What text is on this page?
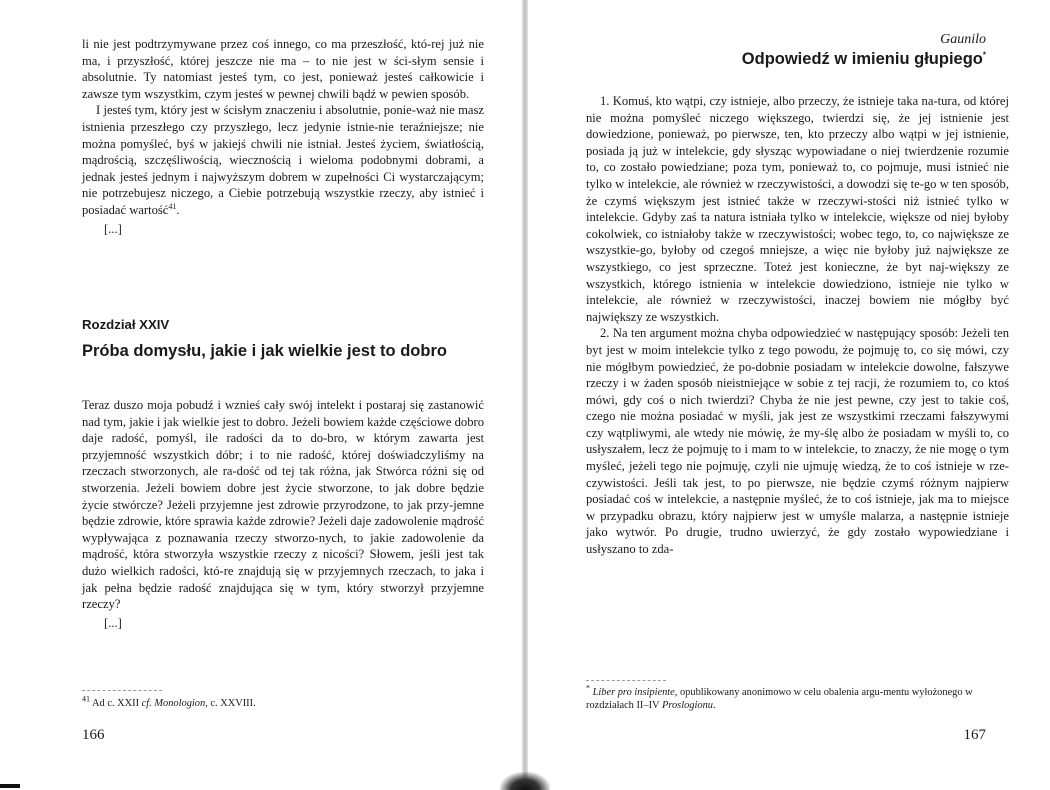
li nie jest podtrzymywane przez coś innego, co ma przeszłość, któ-rej już nie ma, i przyszłość, której jeszcze nie ma – to nie jest w ści-słym sensie i absolutnie. Ty natomiast jesteś tym, co jest, ponieważ jesteś całkowicie i zawsze tym wszystkim, czym jesteś w pewnej chwili bądź w pewien sposób.

I jesteś tym, który jest w ścisłym znaczeniu i absolutnie, ponie-waż nie masz istnienia przeszłego czy przyszłego, lecz jedynie istnie-nie teraźniejsze; nie można pomyśleć, byś w jakiejś chwili nie istniał. Jesteś życiem, światłością, mądrością, szczęśliwością, wiecznością i wieloma podobnymi dobrami, a jednak jesteś jednym i najwyższym dobrem w zupełności Ci wystarczającym; nie potrzebujesz niczego, a Ciebie potrzebują wszystkie rzeczy, aby istnieć i posiadać wartość$^{41}$.

[...]
Rozdział XXIV
Próba domysłu, jakie i jak wielkie jest to dobro

Teraz duszo moja pobudź i wznieś cały swój intelekt i postaraj się zastanowić nad tym, jakie i jak wielkie jest to dobro. Jeżeli bowiem każde częściowe dobro daje radość, pomyśl, ile radości da to do-bro, w którym zawarta jest przyjemność wszystkich dóbr; i to nie radość, której doświadczyliśmy na rzeczach stworzonych, ale ra-dość od tej tak różna, jak Stwórca różni się od stworzenia. Jeżeli bowiem dobre jest życie stworzone, to jak dobre będzie życie stwórcze? Jeżeli przyjemne jest zdrowie przyrodzone, to jak przy-jemne będzie zdrowie, które sprawia każde zdrowie? Jeżeli daje zadowolenie mądrość wypływająca z poznawania rzeczy stworzo-nych, to jakie zadowolenie da mądrość, która stworzyła wszystkie rzeczy z nicości? Słowem, jeśli jest tak dużo wielkich radości, któ-re znajdują się w przyjemnych rzeczach, to jaka i jak pełna będzie radość znajdująca się w tym, który stworzył przyjemne rzeczy?

[...]
$^{41}$ Ad c. XXII cf. Monologion, c. XXVIII.
166
Gaunilo
Odpowiedź w imieniu głupiego*

1. Komuś, kto wątpi, czy istnieje, albo przeczy, że istnieje taka na-tura, od której nie można pomyśleć niczego większego, twierdzi się, że jej istnienie jest dowiedzione, ponieważ, po pierwsze, ten, kto przeczy albo wątpi w jej istnienie, posiada ją już w intelekcie, gdy słysząc wypowiadane o niej twierdzenie rozumie to, co zostało powiedziane; poza tym, ponieważ to, co pojmuje, musi istnieć nie tylko w intelekcie, ale również w rzeczywistości, a dowodzi się te-go w ten sposób, że czymś większym jest istnieć także w rzeczywi-stości niż istnieć tylko w intelekcie. Gdyby zaś ta natura istniała tylko w intelekcie, większe od niej byłoby cokolwiek, co istniałoby także w rzeczywistości; wobec tego, to, co największe ze wszystkie-go, byłoby od czegoś mniejsze, a więc nie byłoby już największe ze wszystkiego, co jest sprzeczne. Toteż jest konieczne, że byt naj-większy ze wszystkich, którego istnienia w intelekcie dowiedziono, istnieje nie tylko w intelekcie, ale również w rzeczywistości, inaczej bowiem nie mógłby być największy ze wszystkich.

2. Na ten argument można chyba odpowiedzieć w następujący sposób: Jeżeli ten byt jest w moim intelekcie tylko z tego powodu, że pojmuję to, co się mówi, czy nie mógłbym powiedzieć, że po-dobnie posiadam w intelekcie dowolne, fałszywe rzeczy i w żaden sposób nieistniejące w sobie z tej racji, że rozumiem to, co ktoś mówi, gdy coś o nich twierdzi? Chyba że nie jest pewne, czy jest to takie coś, czego nie można posiadać w myśli, jak jest ze wszystkimi rzeczami fałszywymi czy wątpliwymi, ale wtedy nie mówię, że my-ślę albo że posiadam w myśli to, co usłyszałem, lecz że pojmuję to i mam to w intelekcie, to znaczy, że nie mogę o tym myśleć, jeżeli tego nie pojmuję, czyli nie ujmuję wiedzą, że to coś istnieje w rze-czywistości. Jeśli tak jest, to po pierwsze, nie będzie czymś różnym najpierw posiadać coś w intelekcie, a następnie myśleć, że to coś istnieje, jak ma to miejsce w przypadku obrazu, który najpierw jest w umyśle malarza, a następnie istnieje jako wytwór. Po drugie, trudno uwierzyć, że gdy zostało wypowiedziane i usłyszano to zda-

* Liber pro insipiente, opublikowany anonimowo w celu obalenia argu-mentu wyłożonego w rozdziałach II–IV Proslogionu.
167
